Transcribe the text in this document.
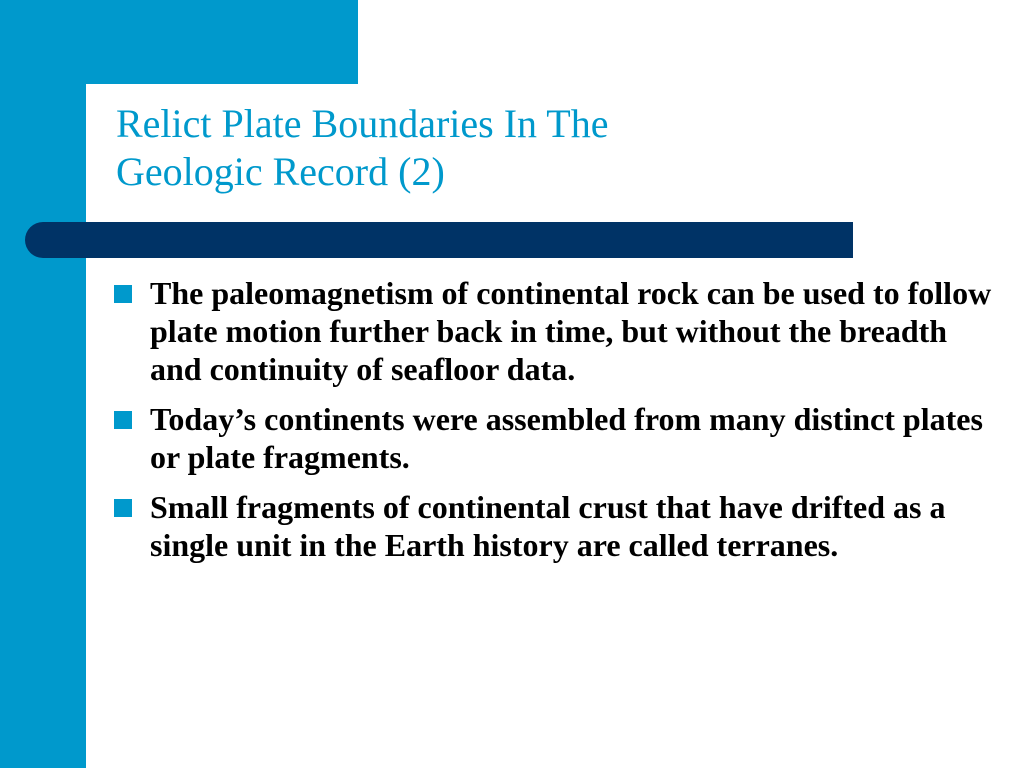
Relict Plate Boundaries In The
Geologic Record (2)
The paleomagnetism of continental rock can be used to follow plate motion further back in time, but without the breadth and continuity of seafloor data.
Today’s continents were assembled from many distinct plates or plate fragments.
Small fragments of continental crust that have drifted as a single unit in the Earth history are called terranes.
